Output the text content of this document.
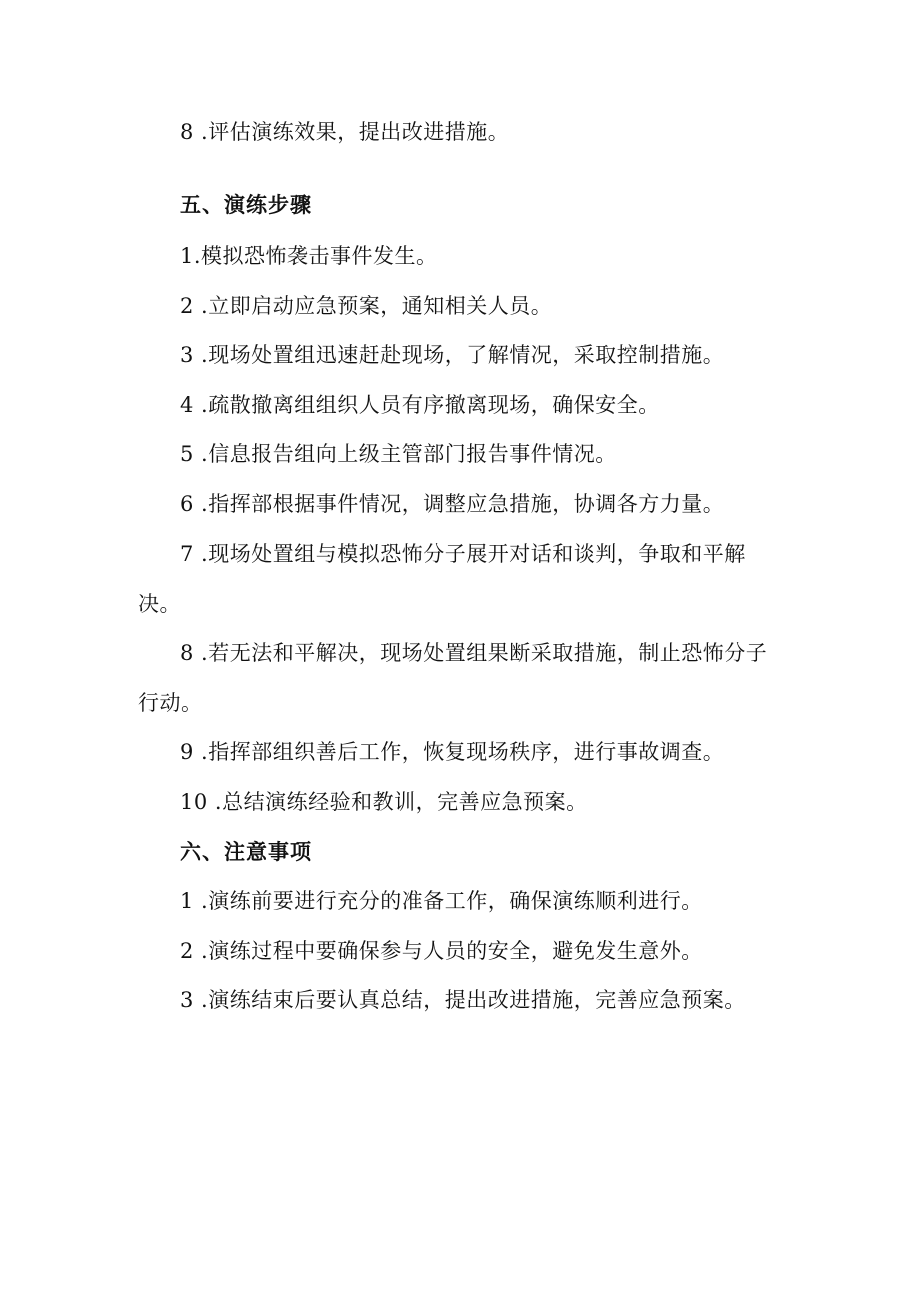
8 .评估演练效果，提出改进措施。
五、演练步骤
1.模拟恐怖袭击事件发生。
2 .立即启动应急预案，通知相关人员。
3 .现场处置组迅速赶赴现场，了解情况，采取控制措施。
4 .疏散撤离组组织人员有序撤离现场，确保安全。
5 .信息报告组向上级主管部门报告事件情况。
6 .指挥部根据事件情况，调整应急措施，协调各方力量。
7 .现场处置组与模拟恐怖分子展开对话和谈判，争取和平解
决。
8 .若无法和平解决，现场处置组果断采取措施，制止恐怖分子
行动。
9 .指挥部组织善后工作，恢复现场秩序，进行事故调查。
10 .总结演练经验和教训，完善应急预案。
六、注意事项
1 .演练前要进行充分的准备工作，确保演练顺利进行。
2 .演练过程中要确保参与人员的安全，避免发生意外。
3 .演练结束后要认真总结，提出改进措施，完善应急预案。
